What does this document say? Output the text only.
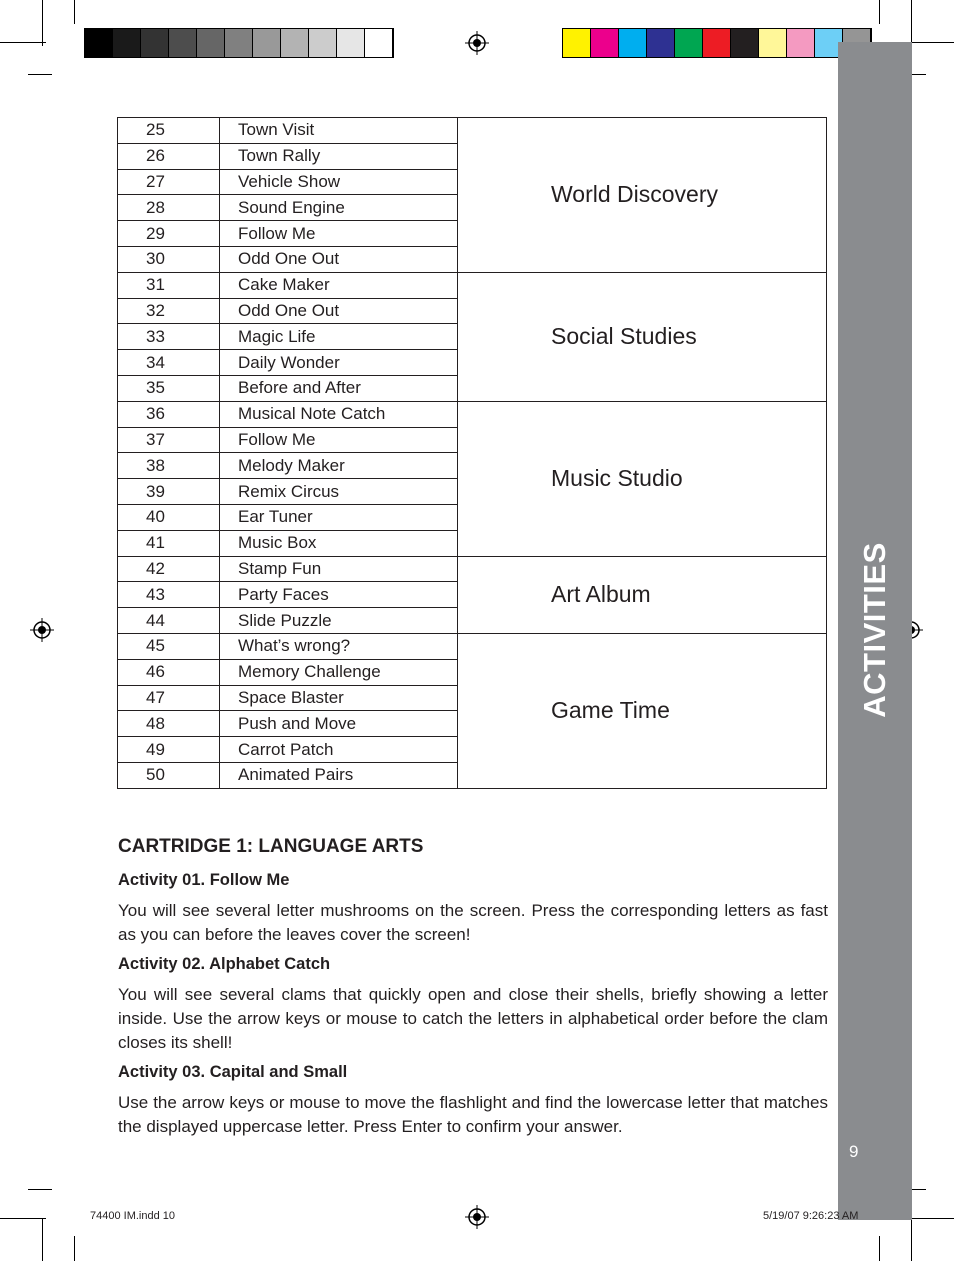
ACTIVITIES
9
25	Town Visit	World Discovery
26	Town Rally	
27	Vehicle Show	
28	Sound Engine	
29	Follow Me	
30	Odd One Out	
31	Cake Maker	Social Studies
32	Odd One Out	
33	Magic Life	
34	Daily Wonder	
35	Before and After	
36	Musical Note Catch	Music Studio
37	Follow Me	
38	Melody Maker	
39	Remix Circus	
40	Ear Tuner	
41	Music Box	
42	Stamp Fun	Art Album
43	Party Faces	
44	Slide Puzzle	
45	What’s wrong?	Game Time
46	Memory Challenge	
47	Space Blaster	
48	Push and Move	
49	Carrot Patch	
50	Animated Pairs	
CARTRIDGE 1: LANGUAGE ARTS
Activity 01. Follow Me

You will see several letter mushrooms on the screen. Press the corresponding letters as fast as you can before the leaves cover the screen!

Activity 02. Alphabet Catch

You will see several clams that quickly open and close their shells, briefly showing a letter inside. Use the arrow keys or mouse to catch the letters in alphabetical order before the clam closes its shell!

Activity 03. Capital and Small

Use the arrow keys or mouse to move the flashlight and find the lowercase letter that matches the displayed uppercase letter. Press Enter to confirm your answer.

74400 IM.indd 10	5/19/07 9:26:23 AM
